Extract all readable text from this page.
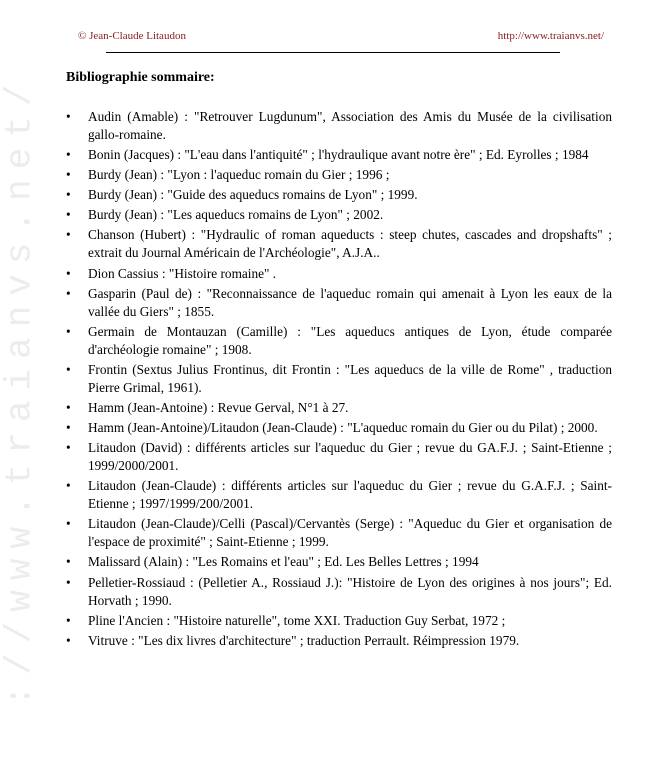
://www.traianvs.net/
© Jean-Claude Litaudon	http://www.traianvs.net/
Bibliographie sommaire:
• Audin (Amable) : "Retrouver Lugdunum", Association des Amis du Musée de la civilisation gallo-romaine.
• Bonin (Jacques) : "L'eau dans l'antiquité" ; l'hydraulique avant notre ère" ; Ed. Eyrolles ; 1984
• Burdy (Jean) : "Lyon : l'aqueduc romain du Gier ; 1996 ;
• Burdy (Jean) : "Guide des aqueducs romains de Lyon" ; 1999.
• Burdy (Jean) : "Les aqueducs romains de Lyon" ; 2002.
• Chanson (Hubert) : "Hydraulic of roman aqueducts : steep chutes, cascades and dropshafts" ; extrait du Journal Américain de l'Archéologie", A.J.A..
• Dion Cassius : "Histoire romaine" .
• Gasparin (Paul de) : "Reconnaissance de l'aqueduc romain qui amenait à Lyon les eaux de la vallée du Giers" ; 1855.
• Germain de Montauzan (Camille) : "Les aqueducs antiques de Lyon, étude comparée d'archéologie romaine" ; 1908.
• Frontin (Sextus Julius Frontinus, dit Frontin : "Les aqueducs de la ville de Rome" , traduction Pierre Grimal, 1961).
• Hamm (Jean-Antoine) : Revue Gerval, N°1 à 27.
• Hamm (Jean-Antoine)/Litaudon (Jean-Claude) : "L'aqueduc romain du Gier ou du Pilat) ; 2000.
• Litaudon (David) : différents articles sur l'aqueduc du Gier ; revue du GA.F.J. ; Saint-Etienne ; 1999/2000/2001.
• Litaudon (Jean-Claude) : différents articles sur l'aqueduc du Gier ; revue du G.A.F.J. ; Saint-Etienne ; 1997/1999/200/2001.
• Litaudon (Jean-Claude)/Celli (Pascal)/Cervantès (Serge) : "Aqueduc du Gier et organisation de l'espace de proximité" ; Saint-Etienne ; 1999.
• Malissard (Alain) : "Les Romains et l'eau" ; Ed. Les Belles Lettres ; 1994
• Pelletier-Rossiaud : (Pelletier A., Rossiaud J.): "Histoire de Lyon des origines à nos jours"; Ed. Horvath ; 1990.
• Pline l'Ancien : "Histoire naturelle", tome XXI. Traduction Guy Serbat, 1972 ;
• Vitruve : "Les dix livres d'architecture" ; traduction Perrault. Réimpression 1979.
